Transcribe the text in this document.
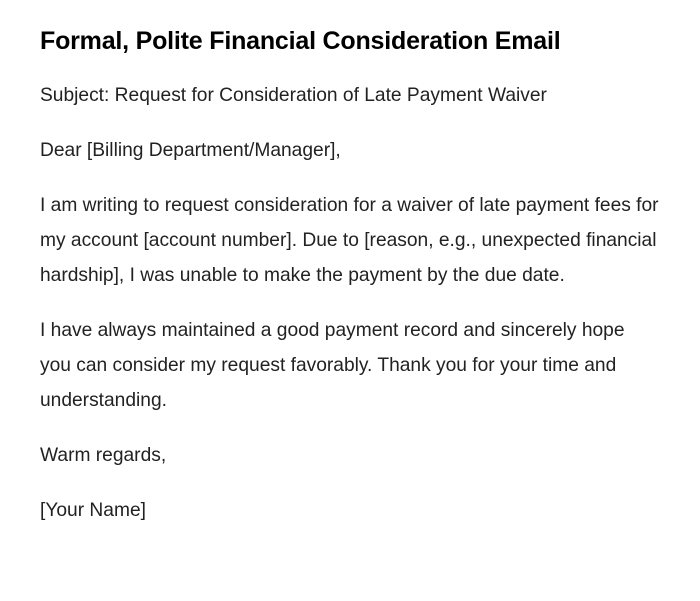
Formal, Polite Financial Consideration Email

Subject: Request for Consideration of Late Payment Waiver

Dear [Billing Department/Manager],

I am writing to request consideration for a waiver of late payment fees for my account [account number]. Due to [reason, e.g., unexpected financial hardship], I was unable to make the payment by the due date.

I have always maintained a good payment record and sincerely hope you can consider my request favorably. Thank you for your time and understanding.

Warm regards,

[Your Name]
